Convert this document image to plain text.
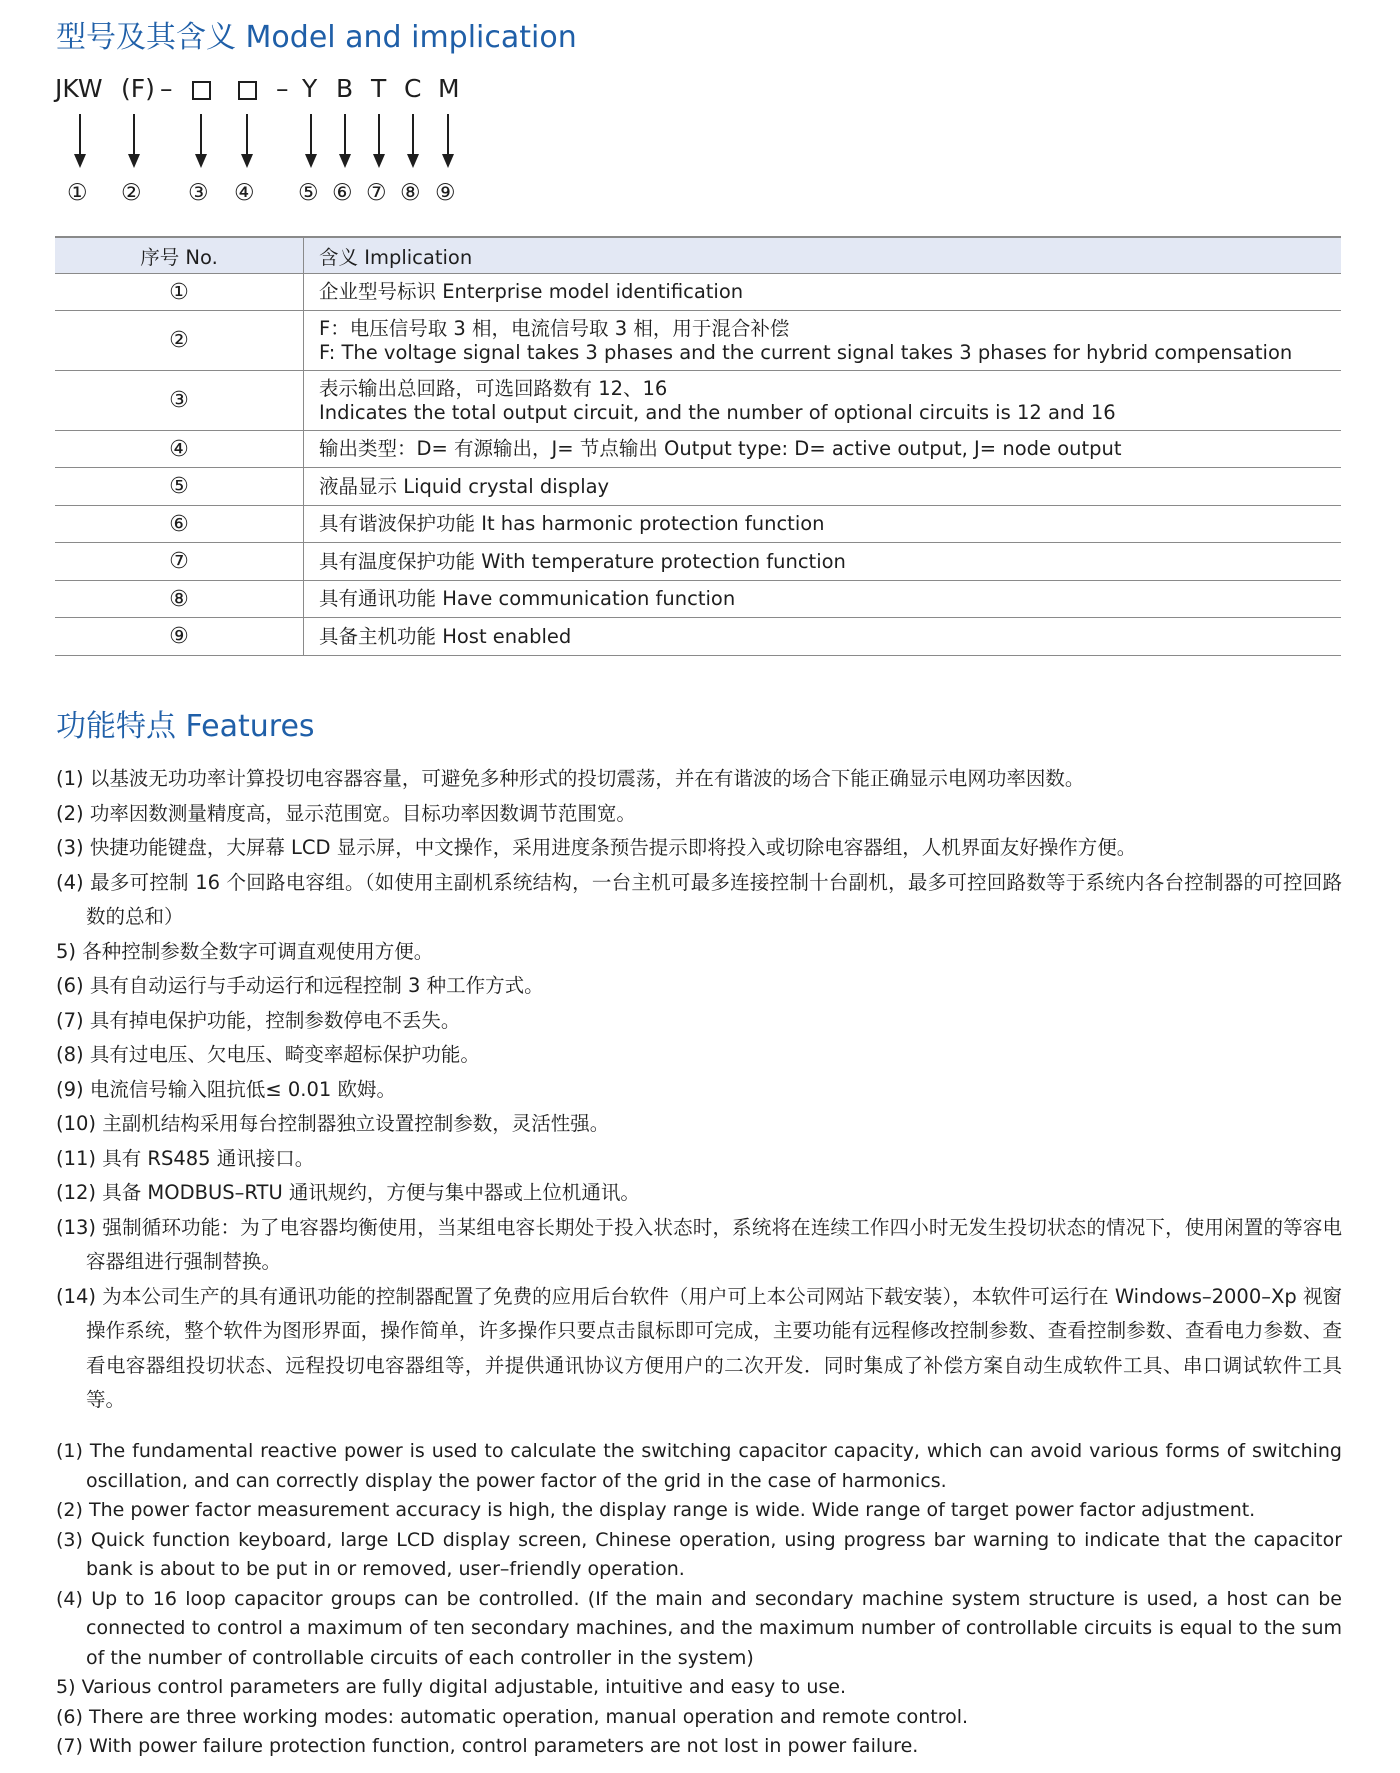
型号及其含义 Model and implication
JKW (F) –	– Y B T C M
① ② ③ ④ ⑤ ⑥ ⑦ ⑧ ⑨
序号 No.	含义 Implication
①	企业型号标识 Enterprise model identification

②	F：电压信号取 3 相，电流信号取 3 相，用于混合补偿
F: The voltage signal takes 3 phases and the current signal takes 3 phases for hybrid compensation

③	表示输出总回路，可选回路数有 12、16
Indicates the total output circuit, and the number of optional circuits is 12 and 16

④	输出类型：D= 有源输出，J= 节点输出 Output type: D= active output, J= node output

⑤	液晶显示 Liquid crystal display

⑥	具有谐波保护功能 It has harmonic protection function

⑦	具有温度保护功能 With temperature protection function

⑧	具有通讯功能 Have communication function

⑨	具备主机功能 Host enabled
功能特点 Features
(1) 以基波无功功率计算投切电容器容量，可避免多种形式的投切震荡，并在有谐波的场合下能正确显示电网功率因数。
(2) 功率因数测量精度高，显示范围宽。目标功率因数调节范围宽。
(3) 快捷功能键盘，大屏幕 LCD 显示屏，中文操作，采用进度条预告提示即将投入或切除电容器组，人机界面友好操作方便。
(4) 最多可控制 16 个回路电容组。（如使用主副机系统结构，一台主机可最多连接控制十台副机，最多可控回路数等于系统内各台控制器的可控回路数的总和）
5) 各种控制参数全数字可调直观使用方便。
(6) 具有自动运行与手动运行和远程控制 3 种工作方式。
(7) 具有掉电保护功能，控制参数停电不丢失。
(8) 具有过电压、欠电压、畸变率超标保护功能。
(9) 电流信号输入阻抗低≤ 0.01 欧姆。
(10) 主副机结构采用每台控制器独立设置控制参数，灵活性强。
(11) 具有 RS485 通讯接口。
(12) 具备 MODBUS–RTU 通讯规约，方便与集中器或上位机通讯。
(13) 强制循环功能：为了电容器均衡使用，当某组电容长期处于投入状态时，系统将在连续工作四小时无发生投切状态的情况下，使用闲置的等容电容器组进行强制替换。
(14) 为本公司生产的具有通讯功能的控制器配置了免费的应用后台软件（用户可上本公司网站下载安装），本软件可运行在 Windows–2000–Xp 视窗操作系统，整个软件为图形界面，操作简单，许多操作只要点击鼠标即可完成，主要功能有远程修改控制参数、查看控制参数、查看电力参数、查看电容器组投切状态、远程投切电容器组等，并提供通讯协议方便用户的二次开发．同时集成了补偿方案自动生成软件工具、串口调试软件工具等。
(1) The fundamental reactive power is used to calculate the switching capacitor capacity, which can avoid various forms of switching oscillation, and can correctly display the power factor of the grid in the case of harmonics.
(2) The power factor measurement accuracy is high, the display range is wide. Wide range of target power factor adjustment.
(3) Quick function keyboard, large LCD display screen, Chinese operation, using progress bar warning to indicate that the capacitor bank is about to be put in or removed, user–friendly operation.
(4) Up to 16 loop capacitor groups can be controlled. (If the main and secondary machine system structure is used, a host can be connected to control a maximum of ten secondary machines, and the maximum number of controllable circuits is equal to the sum of the number of controllable circuits of each controller in the system)
5) Various control parameters are fully digital adjustable, intuitive and easy to use.
(6) There are three working modes: automatic operation, manual operation and remote control.
(7) With power failure protection function, control parameters are not lost in power failure.
